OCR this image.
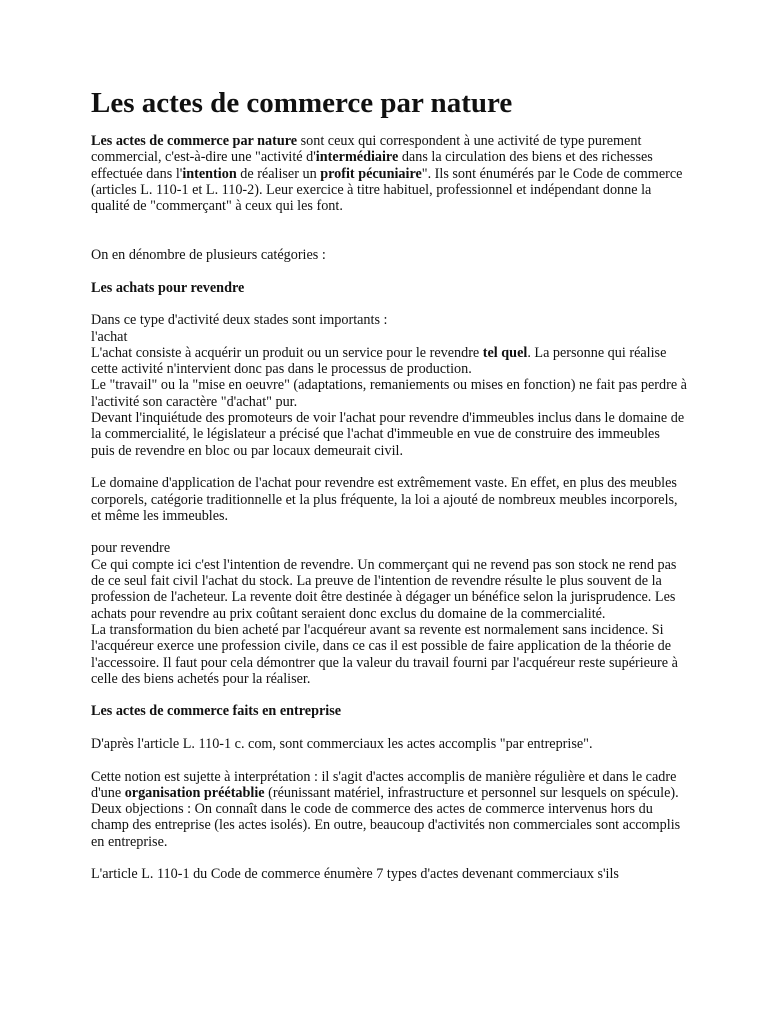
Les actes de commerce par nature

Les actes de commerce par nature sont ceux qui correspondent à une activité de type purement commercial, c'est-à-dire une "activité d'intermédiaire dans la circulation des biens et des richesses effectuée dans l'intention de réaliser un profit pécuniaire". Ils sont énumérés par le Code de commerce (articles L. 110-1 et L. 110-2). Leur exercice à titre habituel, professionnel et indépendant donne la qualité de "commerçant" à ceux qui les font.

On en dénombre de plusieurs catégories :

Les achats pour revendre

Dans ce type d'activité deux stades sont importants :
l'achat
L'achat consiste à acquérir un produit ou un service pour le revendre tel quel. La personne qui réalise cette activité n'intervient donc pas dans le processus de production.
Le "travail" ou la "mise en oeuvre" (adaptations, remaniements ou mises en fonction) ne fait pas perdre à l'activité son caractère "d'achat" pur.
Devant l'inquiétude des promoteurs de voir l'achat pour revendre d'immeubles inclus dans le domaine de la commercialité, le législateur a précisé que l'achat d'immeuble en vue de construire des immeubles puis de revendre en bloc ou par locaux demeurait civil.

Le domaine d'application de l'achat pour revendre est extrêmement vaste. En effet, en plus des meubles corporels, catégorie traditionnelle et la plus fréquente, la loi a ajouté de nombreux meubles incorporels, et même les immeubles.

pour revendre
Ce qui compte ici c'est l'intention de revendre. Un commerçant qui ne revend pas son stock ne rend pas de ce seul fait civil l'achat du stock. La preuve de l'intention de revendre résulte le plus souvent de la profession de l'acheteur. La revente doit être destinée à dégager un bénéfice selon la jurisprudence. Les achats pour revendre au prix coûtant seraient donc exclus du domaine de la commercialité.
La transformation du bien acheté par l'acquéreur avant sa revente est normalement sans incidence. Si l'acquéreur exerce une profession civile, dans ce cas il est possible de faire application de la théorie de l'accessoire. Il faut pour cela démontrer que la valeur du travail fourni par l'acquéreur reste supérieure à celle des biens achetés pour la réaliser.

Les actes de commerce faits en entreprise

D'après l'article L. 110-1 c. com, sont commerciaux les actes accomplis "par entreprise".

Cette notion est sujette à interprétation : il s'agit d'actes accomplis de manière régulière et dans le cadre d'une organisation préétablie (réunissant matériel, infrastructure et personnel sur lesquels on spécule). Deux objections : On connaît dans le code de commerce des actes de commerce intervenus hors du champ des entreprise (les actes isolés). En outre, beaucoup d'activités non commerciales sont accomplis en entreprise.

L'article L. 110-1 du Code de commerce énumère 7 types d'actes devenant commerciaux s'ils
